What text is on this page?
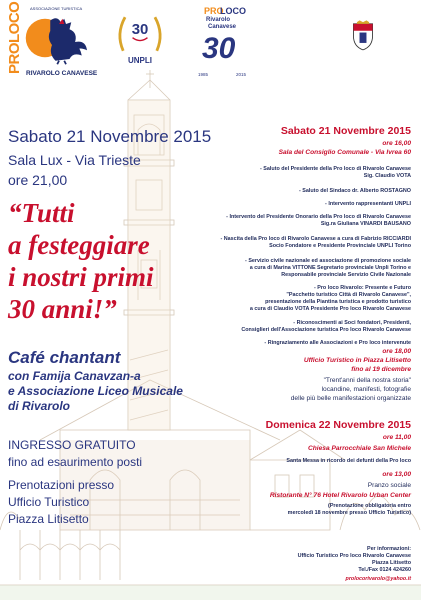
PROLOCO ASSOCIAZIONE TURISTICA
RIVAROLO CANAVESE
30
UNPLI
PRO
LOCO
Rivarolo
Canavese
30
1985	2015
Sabato 21 Novembre 2015
Sala Lux - Via Trieste
ore 21,00
“Tutti
a festeggiare
i nostri primi
30 anni!”
Café chantant
con Famija Canavzan-a
e Associazione Liceo Musicale
di Rivarolo
INGRESSO GRATUITO
fino ad esaurimento posti
Prenotazioni presso
Ufficio Turistico
Piazza Litisetto
Sabato 21 Novembre 2015
ore 16,00
Sala del Consiglio Comunale - Via Ivrea 60
- Saluto del Presidente della Pro loco di Rivarolo Canavese
Sig. Claudio VOTA
- Saluto del Sindaco dr. Alberto ROSTAGNO
- Intervento rappresentanti UNPLI
- Intervento del Presidente Onorario della Pro loco di Rivarolo Canavese
Sig.ra Giuliana VINARDI BAUSANO
- Nascita della Pro loco di Rivarolo Canavese a cura di Fabrizio RICCIARDI
Socio Fondatore e Presidente Provinciale UNPLI Torino
- Servizio civile nazionale ed associazione di promozione sociale
a cura di Marina VITTONE Segretario provinciale Unpli Torino e
Responsabile provinciale Servizio Civile Nazionale
- Pro loco Rivarolo: Presente e Futuro
"Pacchetto turistico Città di Rivarolo Canavese",
presentazione della Piantina turistica e prodotto turistico
a cura di Claudio VOTA Presidente Pro loco Rivarolo Canavese
- Riconoscimenti ai Soci fondatori, Presidenti,
Consiglieri dell'Associazione turistica Pro loco Rivarolo Canavese
- Ringraziamento alle Associazioni e Pro loco intervenute
ore 18,00
Ufficio Turistico in Piazza Litisetto
fino al 19 dicembre
"Trent'anni della nostra storia"
locandine, manifesti, fotografie
delle più belle manifestazioni organizzate
Domenica 22 Novembre 2015
ore 11,00
Chiesa Parrocchiale San Michele
Santa Messa in ricordo dei defunti della Pro loco
ore 13,00
Pranzo sociale
Ristorante N° 76 Hotel Rivarolo Urban Center
(Prenotazione obbligatoria entro
mercoledì 18 novembre presso Ufficio Turistico)
Per informazioni:
Ufficio Turistico Pro loco Rivarolo Canavese
Piazza Litisetto
Tel./Fax 0124 424260
prolocorivarolo@yahoo.it
